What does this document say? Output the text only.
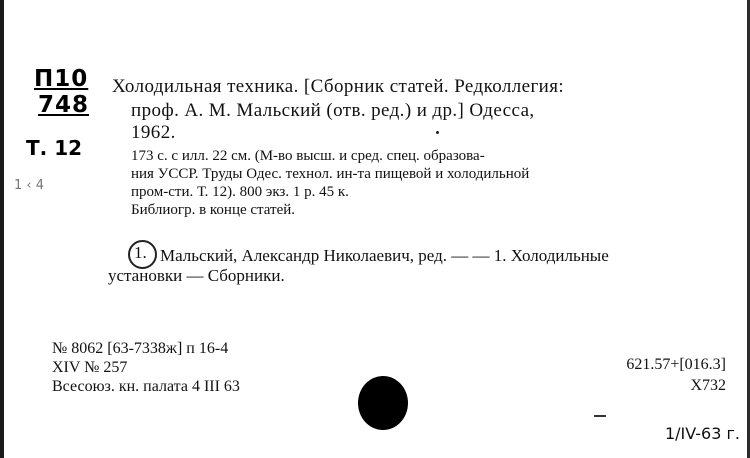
П10
748
Т. 12
1 ‹ 4
Холодильная техника. [Сборник статей. Редколлегия:
проф. А. М. Мальский (отв. ред.) и др.] Одесса,
1962.
173 с. с илл. 22 см. (М-во высш. и сред. спец. образова-
ния УССР. Труды Одес. технол. ин-та пищевой и холодильной
пром-сти. Т. 12). 800 экз. 1 р. 45 к.
Библиогр. в конце статей.
1. Мальский, Александр Николаевич, ред. — — 1. Холодильные
установки — Сборники.
№ 8062 [63-7338ж] п 16-4
XIV № 257
Всесоюз. кн. палата 4 III 63
621.57+[016.3]
Х732
1/IV-63 г.
